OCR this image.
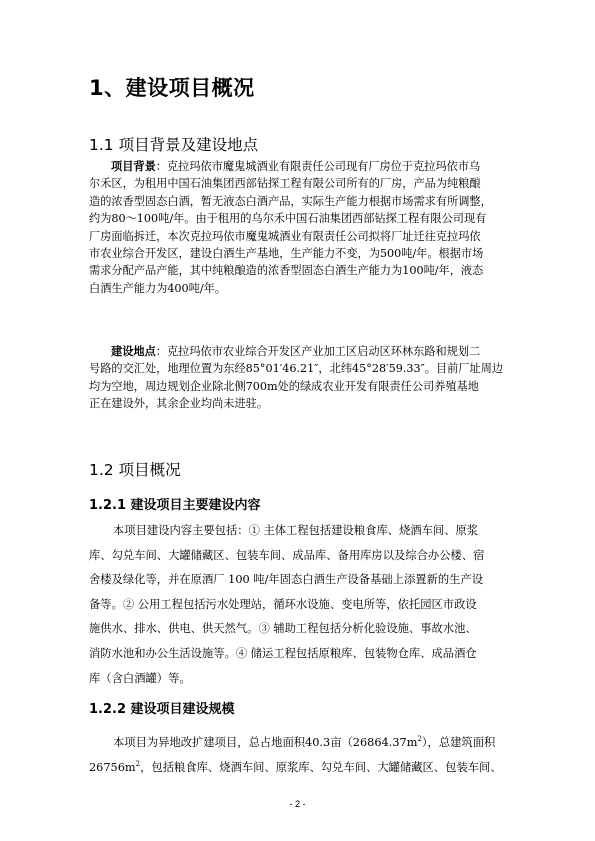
1、建设项目概况
1.1 项目背景及建设地点
项目背景：克拉玛依市魔鬼城酒业有限责任公司现有厂房位于克拉玛依市乌
尔禾区，为租用中国石油集团西部钻探工程有限公司所有的厂房，产品为纯粮酿
造的浓香型固态白酒，暂无液态白酒产品，实际生产能力根据市场需求有所调整，
约为80～100吨/年。由于租用的乌尔禾中国石油集团西部钻探工程有限公司现有
厂房面临拆迁，本次克拉玛依市魔鬼城酒业有限责任公司拟将厂址迁往克拉玛依
市农业综合开发区，建设白酒生产基地，生产能力不变，为500吨/年。根据市场
需求分配产品产能，其中纯粮酿造的浓香型固态白酒生产能力为100吨/年，液态
白酒生产能力为400吨/年。
建设地点：克拉玛依市农业综合开发区产业加工区启动区环林东路和规划二
号路的交汇处，地理位置为东经85°01′46.21″，北纬45°28′59.33″。目前厂址周边
均为空地，周边规划企业除北侧700m处的绿成农业开发有限责任公司养殖基地
正在建设外，其余企业均尚未进驻。
1.2 项目概况
1.2.1 建设项目主要建设内容
本项目建设内容主要包括：① 主体工程包括建设粮食库、烧酒车间、原浆
库、勾兑车间、大罐储藏区、包装车间、成品库、备用库房以及综合办公楼、宿
舍楼及绿化等，并在原酒厂 100 吨/年固态白酒生产设备基础上添置新的生产设
备等。② 公用工程包括污水处理站，循环水设施、变电所等，依托园区市政设
施供水、排水、供电、供天然气。③ 辅助工程包括分析化验设施、事故水池、
消防水池和办公生活设施等。④ 储运工程包括原粮库、包装物仓库、成品酒仓
库（含白酒罐）等。
1.2.2 建设项目建设规模
本项目为异地改扩建项目，总占地面积40.3亩$(26864.37m^2)$，总建筑面积
$26756m^2$，包括粮食库、烧酒车间、原浆库、勾兑车间、大罐储藏区、包装车间、
- 2 -
